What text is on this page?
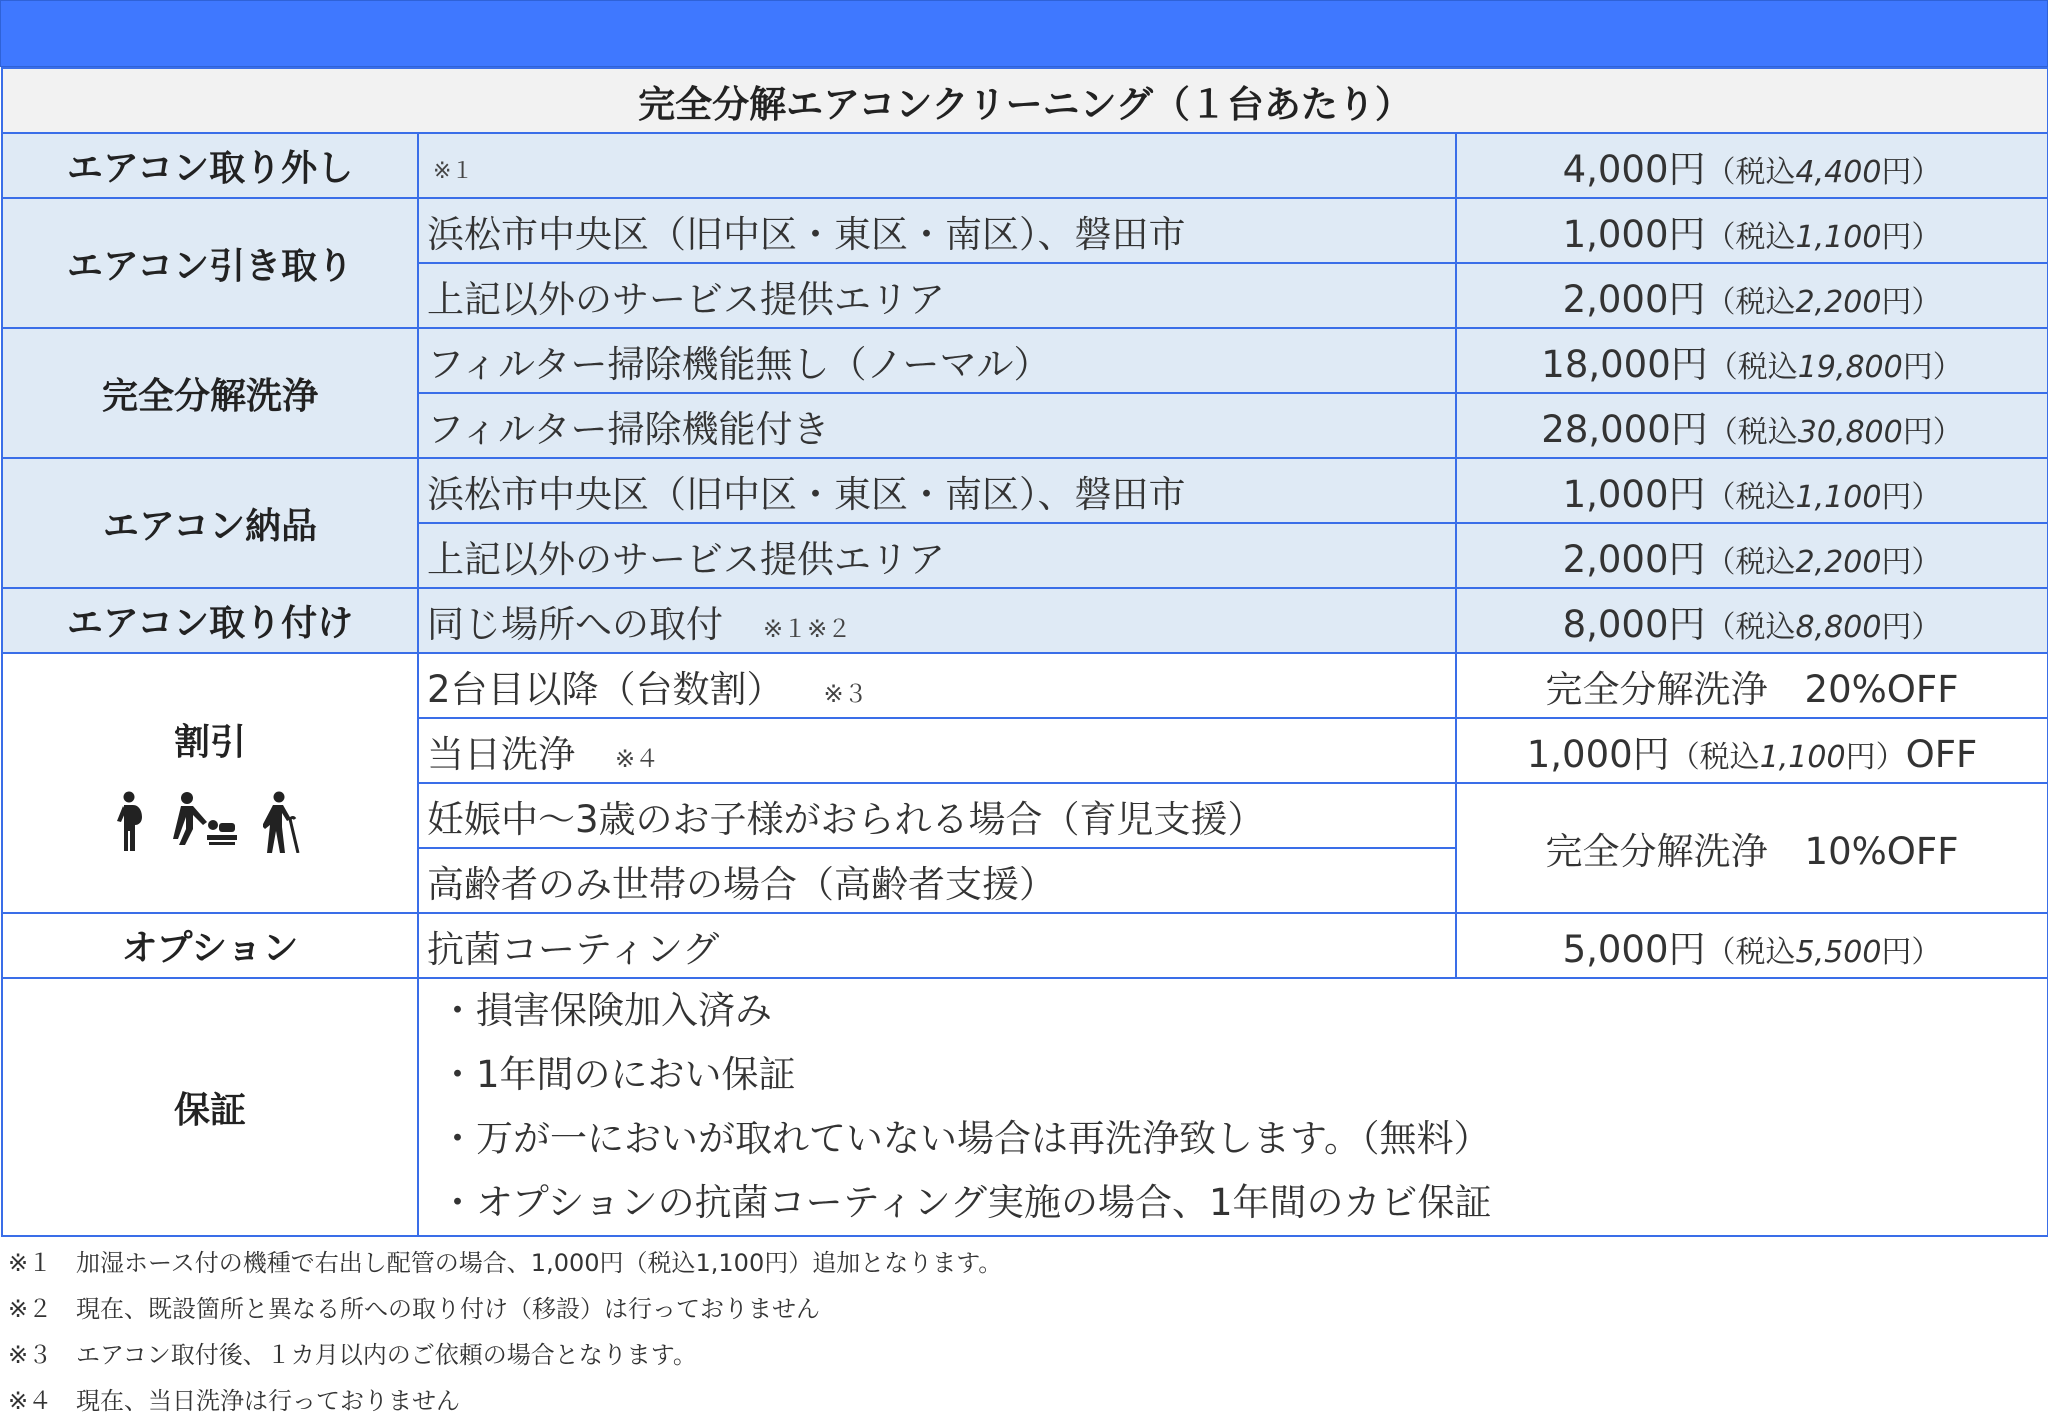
完全分解エアコンクリーニング（１台あたり）		
エアコン取り外し	※１	4,000円（税込4,400円）
エアコン引き取り	浜松市中央区（旧中区・東区・南区）、磐田市	1,000円（税込1,100円）
	上記以外のサービス提供エリア	2,000円（税込2,200円）
完全分解洗浄	フィルター掃除機能無し（ノーマル）	18,000円（税込19,800円）
	フィルター掃除機能付き	28,000円（税込30,800円）
エアコン納品	浜松市中央区（旧中区・東区・南区）、磐田市	1,000円（税込1,100円）
	上記以外のサービス提供エリア	2,000円（税込2,200円）
エアコン取り付け	同じ場所への取付 ※１※２	8,000円（税込8,800円）

割引	2台目以降（台数割） ※３	完全分解洗浄　20%OFF
	当日洗浄 ※４	1,000円（税込1,100円）OFF
	妊娠中～3歳のお子様がおられる場合（育児支援）	完全分解洗浄　10%OFF
	高齢者のみ世帯の場合（高齢者支援）	
オプション	抗菌コーティング	5,000円（税込5,500円）
保証	・損害保険加入済み
・1年間のにおい保証
・万が一においが取れていない場合は再洗浄致します。（無料）
・オプションの抗菌コーティング実施の場合、1年間のカビ保証	
※１ 加湿ホース付の機種で右出し配管の場合、1,000円（税込1,100円）追加となります。
※２ 現在、既設箇所と異なる所への取り付け（移設）は行っておりません
※３ エアコン取付後、１カ月以内のご依頼の場合となります。
※４ 現在、当日洗浄は行っておりません
